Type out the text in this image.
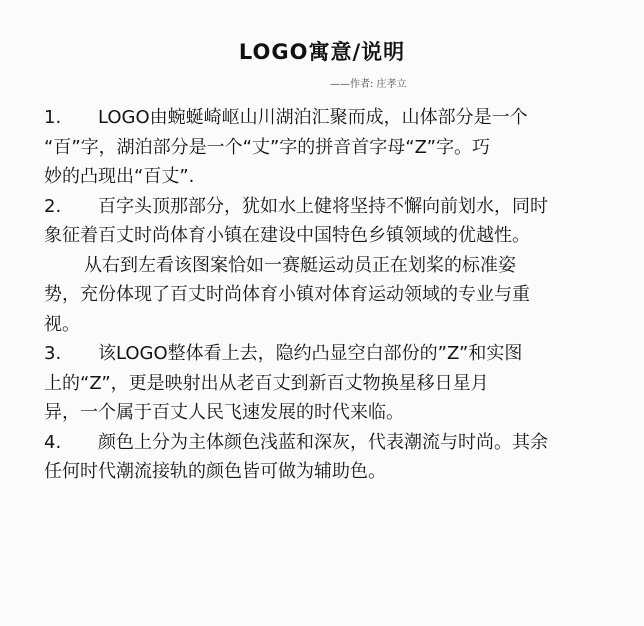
LOGO寓意/说明
——作者: 庄孝立
1. LOGO由蜿蜒崎岖山川湖泊汇聚而成，山体部分是一个
“百”字，湖泊部分是一个“丈”字的拼音首字母“Z”字。巧
妙的凸现出“百丈”.
2. 百字头顶那部分，犹如水上健将坚持不懈向前划水，同时
象征着百丈时尚体育小镇在建设中国特色乡镇领域的优越性。
从右到左看该图案恰如一赛艇运动员正在划桨的标准姿
势，充份体现了百丈时尚体育小镇对体育运动领域的专业与重
视。
3. 该LOGO整体看上去，隐约凸显空白部份的”Z”和实图
上的“Z”，更是映射出从老百丈到新百丈物换星移日星月
异，一个属于百丈人民飞速发展的时代来临。
4. 颜色上分为主体颜色浅蓝和深灰，代表潮流与时尚。其余
任何时代潮流接轨的颜色皆可做为辅助色。
